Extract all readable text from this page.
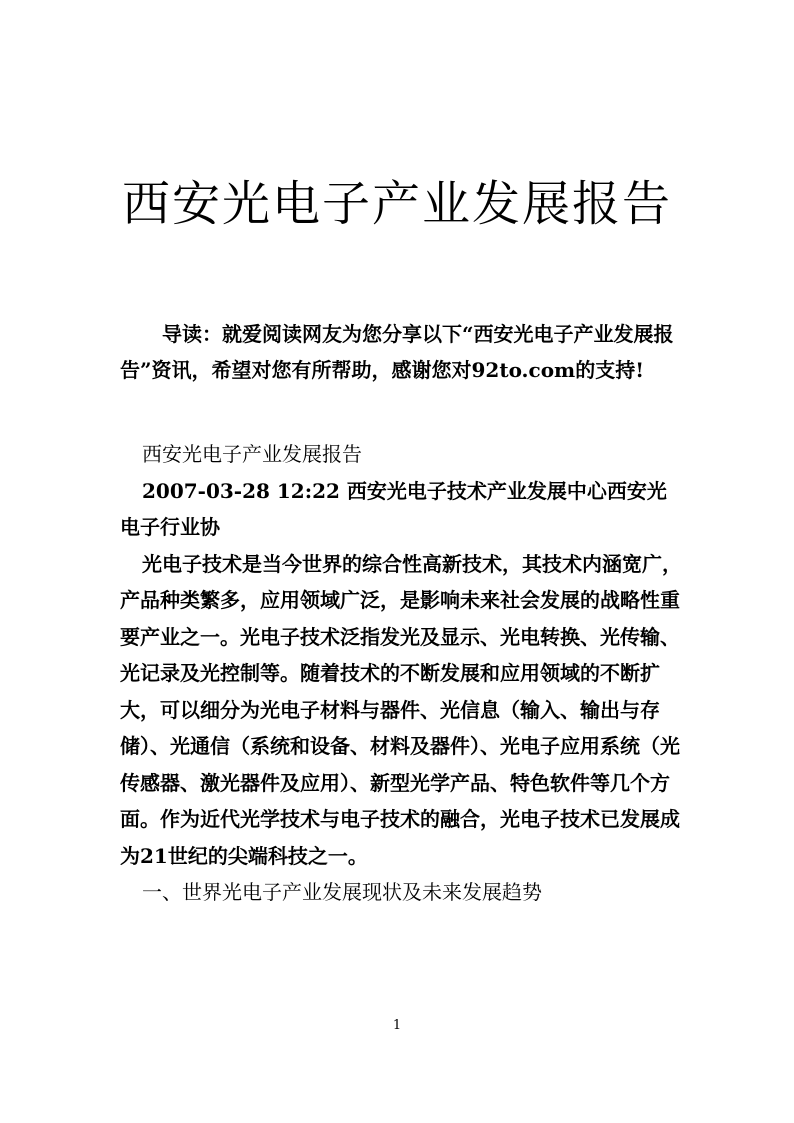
西安光电子产业发展报告

导读：就爱阅读网友为您分享以下“西安光电子产业发展报告”资讯，希望对您有所帮助，感谢您对92to.com的支持!

西安光电子产业发展报告

2007-03-28 12:22 西安光电子技术产业发展中心西安光电子行业协

光电子技术是当今世界的综合性高新技术，其技术内涵宽广，产品种类繁多，应用领域广泛，是影响未来社会发展的战略性重要产业之一。光电子技术泛指发光及显示、光电转换、光传输、光记录及光控制等。随着技术的不断发展和应用领域的不断扩大，可以细分为光电子材料与器件、光信息（输入、输出与存储）、光通信（系统和设备、材料及器件）、光电子应用系统（光传感器、激光器件及应用）、新型光学产品、特色软件等几个方面。作为近代光学技术与电子技术的融合，光电子技术已发展成为21世纪的尖端科技之一。

一、世界光电子产业发展现状及未来发展趋势

1
